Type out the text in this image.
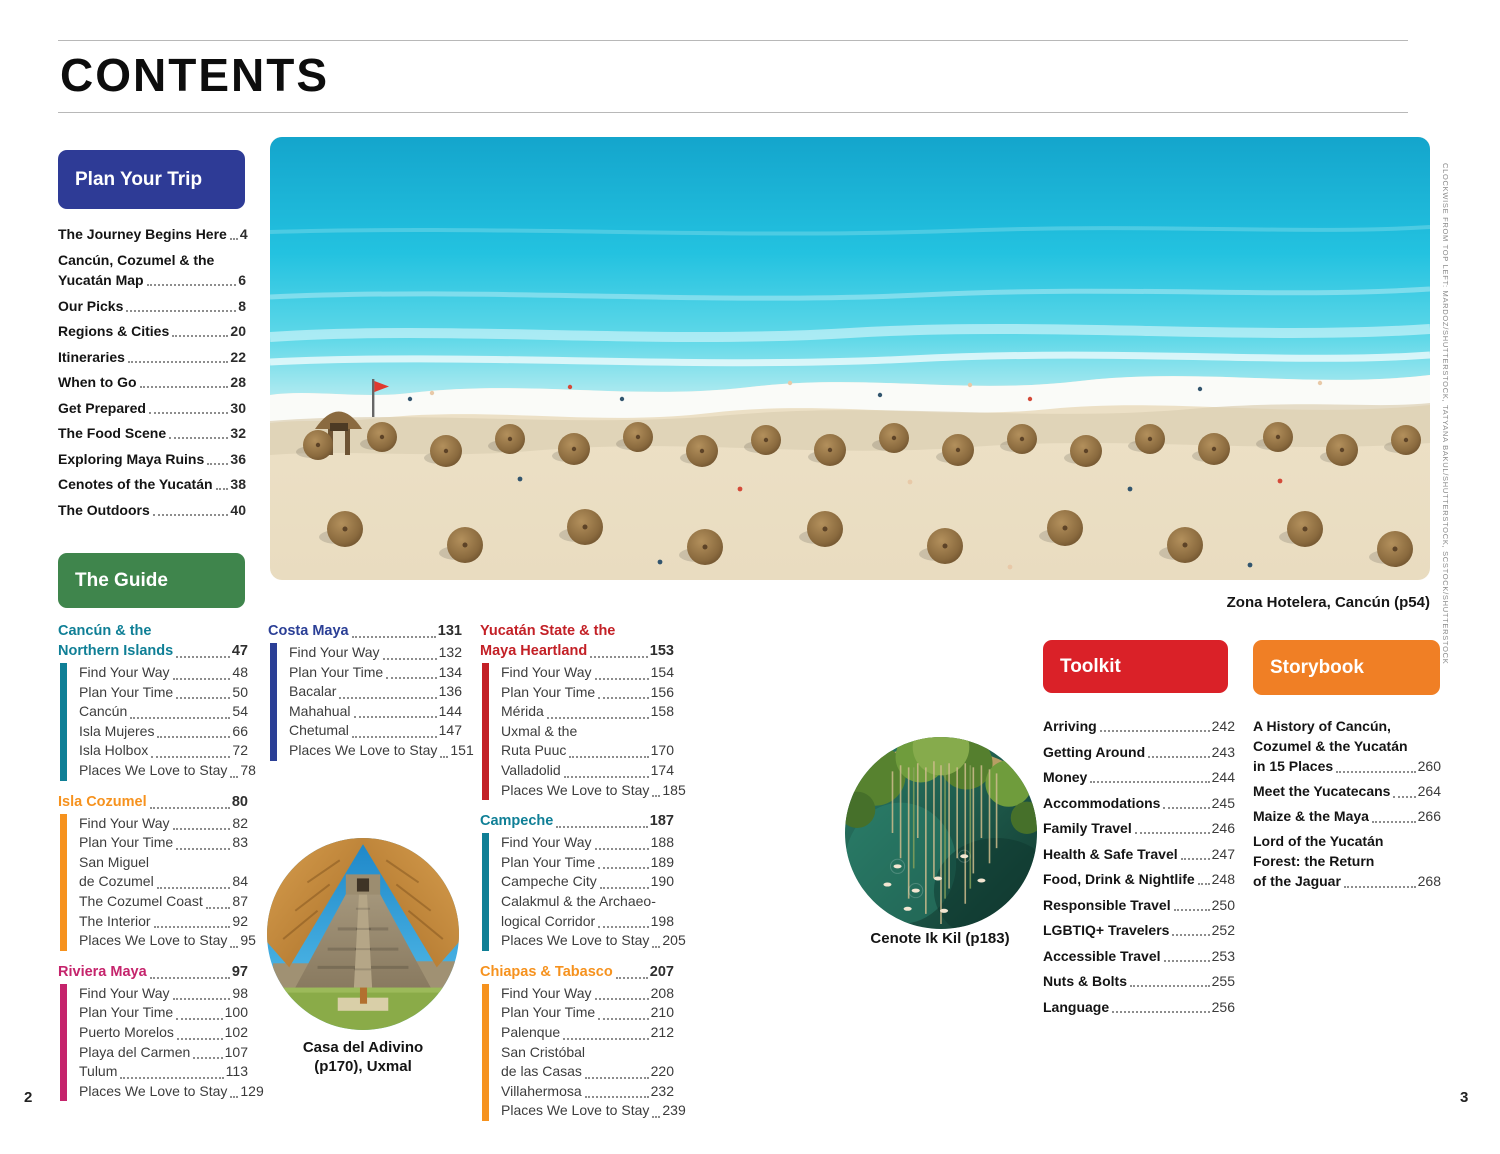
CONTENTS
Zona Hotelera, Cancún (p54) CLOCKWISE FROM TOP LEFT: MARDOZ/SHUTTERSTOCK, TATYANA BAKUL/SHUTTERSTOCK, SCSTOCK/SHUTTERSTOCK
Plan Your Trip
The Journey Begins Here 4
Cancún, Cozumel & the
Yucatán Map	6
Our Picks	8
Regions & Cities	20
Itineraries	22
When to Go	28
Get Prepared	30
The Food Scene	32
Exploring Maya Ruins 36
Cenotes of the Yucatán 38
The Outdoors	40
The Guide
Cancún & the
Northern Islands	47
Find Your Way	48
Plan Your Time	50
Cancún	54
Isla Mujeres	66
Isla Holbox	72
Places We Love to Stay 78
Isla Cozumel	80
Find Your Way	82
Plan Your Time	83
San Miguel
de Cozumel	84
The Cozumel Coast 87
The Interior	92
Places We Love to Stay 95
Riviera Maya	97
Find Your Way	98
Plan Your Time	100
Puerto Morelos	102
Playa del Carmen 107
Tulum	113
Places We Love to Stay 129
Costa Maya	131
Find Your Way	132
Plan Your Time	134
Bacalar	136
Mahahual	144
Chetumal	147
Places We Love to Stay 151
Yucatán State & the
Maya Heartland	153
Find Your Way	154
Plan Your Time	156
Mérida	158
Uxmal & the
Ruta Puuc	170
Valladolid	174
Places We Love to Stay 185
Campeche	187
Find Your Way	188
Plan Your Time	189
Campeche City	190
Calakmul & the Archaeo-
logical Corridor	198
Places We Love to Stay 205
Chiapas & Tabasco	207
Find Your Way	208
Plan Your Time	210
Palenque	212
San Cristóbal
de las Casas	220
Villahermosa	232
Places We Love to Stay 239
Casa del Adivino
(p170), Uxmal
Cenote Ik Kil (p183)
Toolkit
Arriving	242
Getting Around	243
Money	244
Accommodations	245
Family Travel	246
Health & Safe Travel 247
Food, Drink & Nightlife 248
Responsible Travel	250
LGBTIQ+ Travelers	252
Accessible Travel	253
Nuts & Bolts	255
Language	256
Storybook
A History of Cancún,
Cozumel & the Yucatán
in 15 Places	260
Meet the Yucatecans 264
Maize & the Maya	266
Lord of the Yucatán
Forest: the Return
of the Jaguar	268
2	3
